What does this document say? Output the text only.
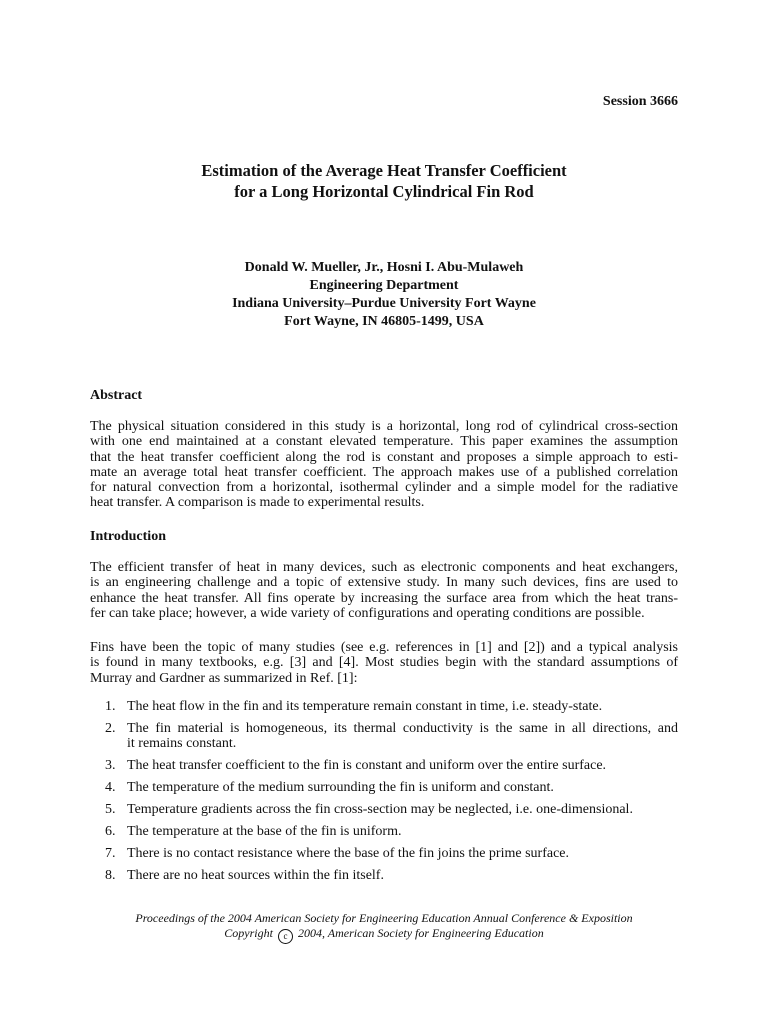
Session 3666
Estimation of the Average Heat Transfer Coefficient
for a Long Horizontal Cylindrical Fin Rod
Donald W. Mueller, Jr., Hosni I. Abu-Mulaweh
Engineering Department
Indiana University–Purdue University Fort Wayne
Fort Wayne, IN 46805-1499, USA
Abstract
The physical situation considered in this study is a horizontal, long rod of cylindrical cross-section
with one end maintained at a constant elevated temperature. This paper examines the assumption
that the heat transfer coefficient along the rod is constant and proposes a simple approach to esti-
mate an average total heat transfer coefficient. The approach makes use of a published correlation
for natural convection from a horizontal, isothermal cylinder and a simple model for the radiative
heat transfer. A comparison is made to experimental results.
Introduction
The efficient transfer of heat in many devices, such as electronic components and heat exchangers,
is an engineering challenge and a topic of extensive study. In many such devices, fins are used to
enhance the heat transfer. All fins operate by increasing the surface area from which the heat trans-
fer can take place; however, a wide variety of configurations and operating conditions are possible.
Fins have been the topic of many studies (see e.g. references in [1] and [2]) and a typical analysis
is found in many textbooks, e.g. [3] and [4]. Most studies begin with the standard assumptions of
Murray and Gardner as summarized in Ref. [1]:
1. The heat flow in the fin and its temperature remain constant in time, i.e. steady-state.
2. The fin material is homogeneous, its thermal conductivity is the same in all directions, and
it remains constant.
3. The heat transfer coefficient to the fin is constant and uniform over the entire surface.
4. The temperature of the medium surrounding the fin is uniform and constant.
5. Temperature gradients across the fin cross-section may be neglected, i.e. one-dimensional.
6. The temperature at the base of the fin is uniform.
7. There is no contact resistance where the base of the fin joins the prime surface.
8. There are no heat sources within the fin itself.
Proceedings of the 2004 American Society for Engineering Education Annual Conference & Exposition
Copyright c 2004, American Society for Engineering Education
